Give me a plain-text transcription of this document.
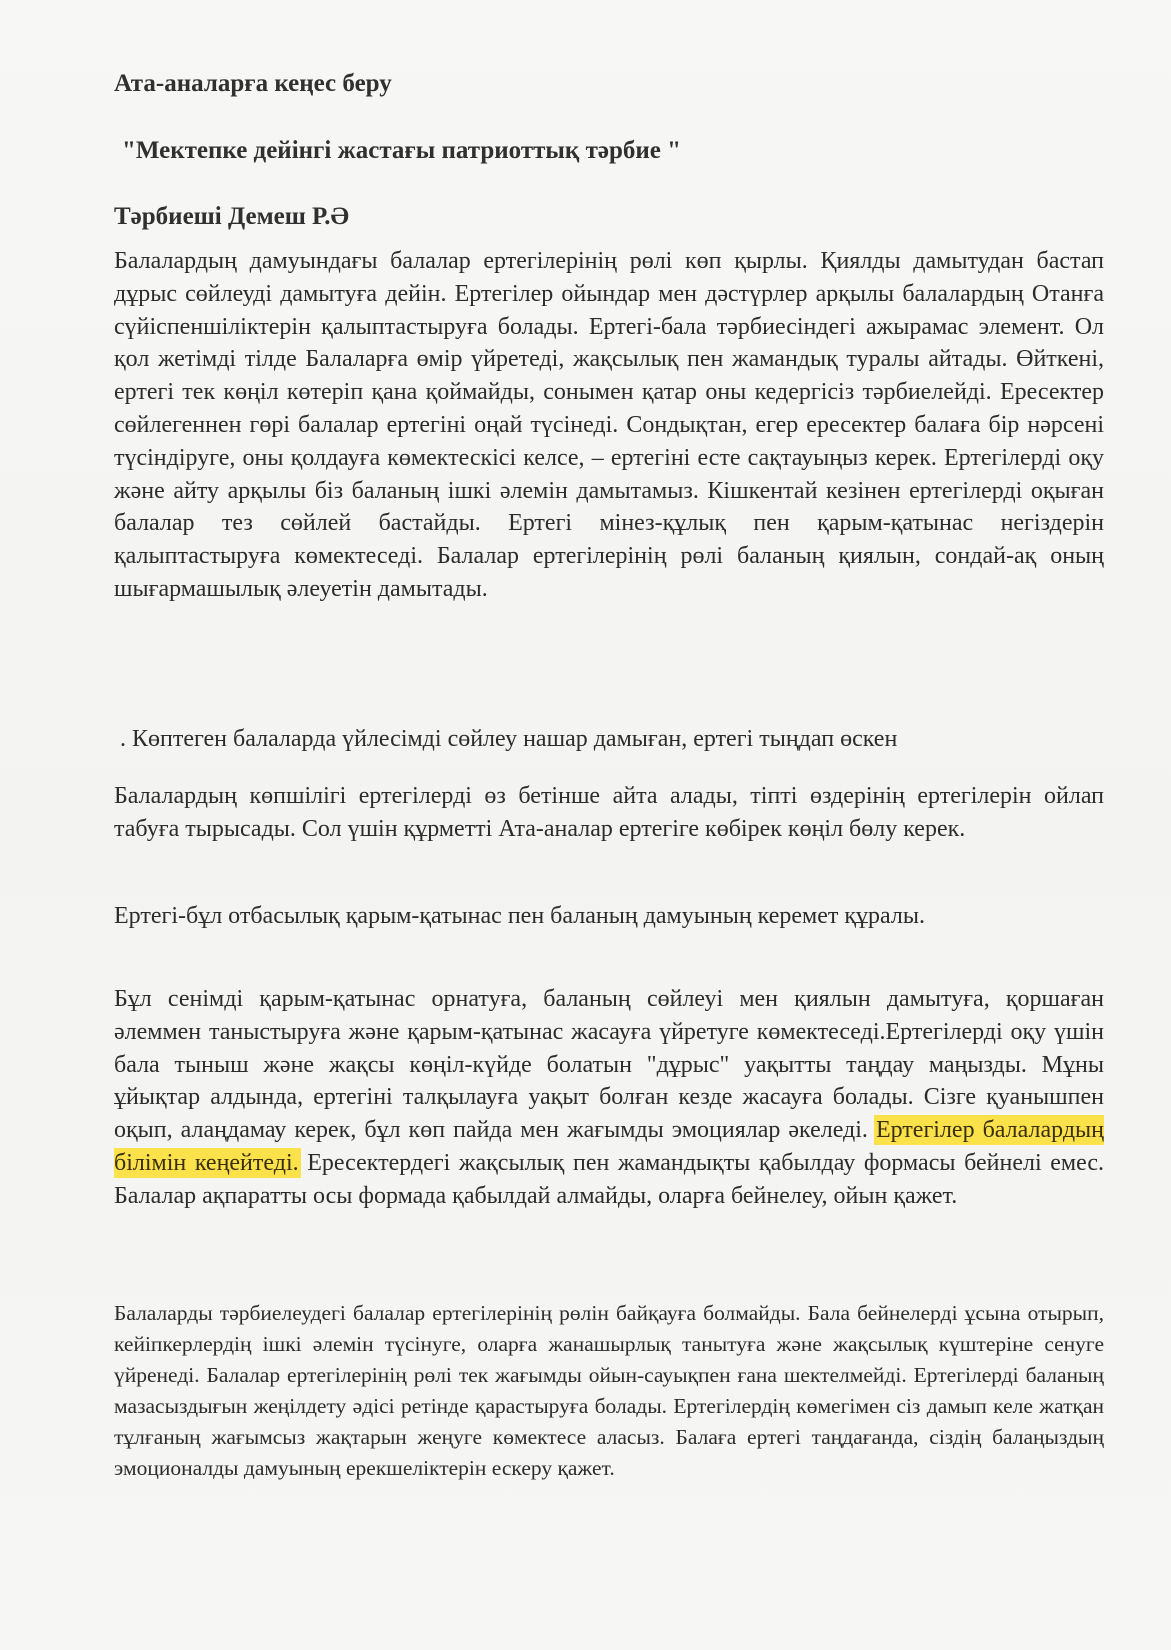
Ата-аналарға кеңес беру
"Мектепке дейінгі жастағы патриоттық тәрбие "
Тәрбиеші Демеш Р.Ә
Балалардың дамуындағы балалар ертегілерінің рөлі көп қырлы. Қиялды дамытудан бастап дұрыс сөйлеуді дамытуға дейін. Ертегілер ойындар мен дәстүрлер арқылы балалардың Отанға сүйіспеншіліктерін қалыптастыруға болады. Ертегі-бала тәрбиесіндегі ажырамас элемент. Ол қол жетімді тілде Балаларға өмір үйретеді, жақсылық пен жамандық туралы айтады. Өйткені, ертегі тек көңіл көтеріп қана қоймайды, сонымен қатар оны кедергісіз тәрбиелейді. Ересектер сөйлегеннен гөрі балалар ертегіні оңай түсінеді. Сондықтан, егер ересектер балаға бір нәрсені түсіндіруге, оны қолдауға көмектескісі келсе, – ертегіні есте сақтауыңыз керек. Ертегілерді оқу және айту арқылы біз баланың ішкі әлемін дамытамыз. Кішкентай кезінен ертегілерді оқыған балалар тез сөйлей бастайды. Ертегі мінез-құлық пен қарым-қатынас негіздерін қалыптастыруға көмектеседі. Балалар ертегілерінің рөлі баланың қиялын, сондай-ақ оның шығармашылық әлеуетін дамытады.
. Көптеген балаларда үйлесімді сөйлеу нашар дамыған, ертегі тыңдап өскен
Балалардың көпшілігі ертегілерді өз бетінше айта алады, тіпті өздерінің ертегілерін ойлап табуға тырысады. Сол үшін құрметті Ата-аналар ертегіге көбірек көңіл бөлу керек.
Ертегі-бұл отбасылық қарым-қатынас пен баланың дамуының керемет құралы.
Бұл сенімді қарым-қатынас орнатуға, баланың сөйлеуі мен қиялын дамытуға, қоршаған әлеммен таныстыруға және қарым-қатынас жасауға үйретуге көмектеседі.Ертегілерді оқу үшін бала тыныш және жақсы көңіл-күйде болатын "дұрыс" уақытты таңдау маңызды. Мұны ұйықтар алдында, ертегіні талқылауға уақыт болған кезде жасауға болады. Сізге қуанышпен оқып, алаңдамау керек, бұл көп пайда мен жағымды эмоциялар әкеледі. Ертегілер балалардың білімін кеңейтеді. Ересектердегі жақсылық пен жамандықты қабылдау формасы бейнелі емес. Балалар ақпаратты осы формада қабылдай алмайды, оларға бейнелеу, ойын қажет.
Балаларды тәрбиелеудегі балалар ертегілерінің рөлін байқауға болмайды. Бала бейнелерді ұсына отырып, кейіпкерлердің ішкі әлемін түсінуге, оларға жанашырлық танытуға және жақсылық күштеріне сенуге үйренеді. Балалар ертегілерінің рөлі тек жағымды ойын-сауықпен ғана шектелмейді. Ертегілерді баланың мазасыздығын жеңілдету әдісі ретінде қарастыруға болады. Ертегілердің көмегімен сіз дамып келе жатқан тұлғаның жағымсыз жақтарын жеңуге көмектесе аласыз. Балаға ертегі таңдағанда, сіздің балаңыздың эмоционалды дамуының ерекшеліктерін ескеру қажет.
